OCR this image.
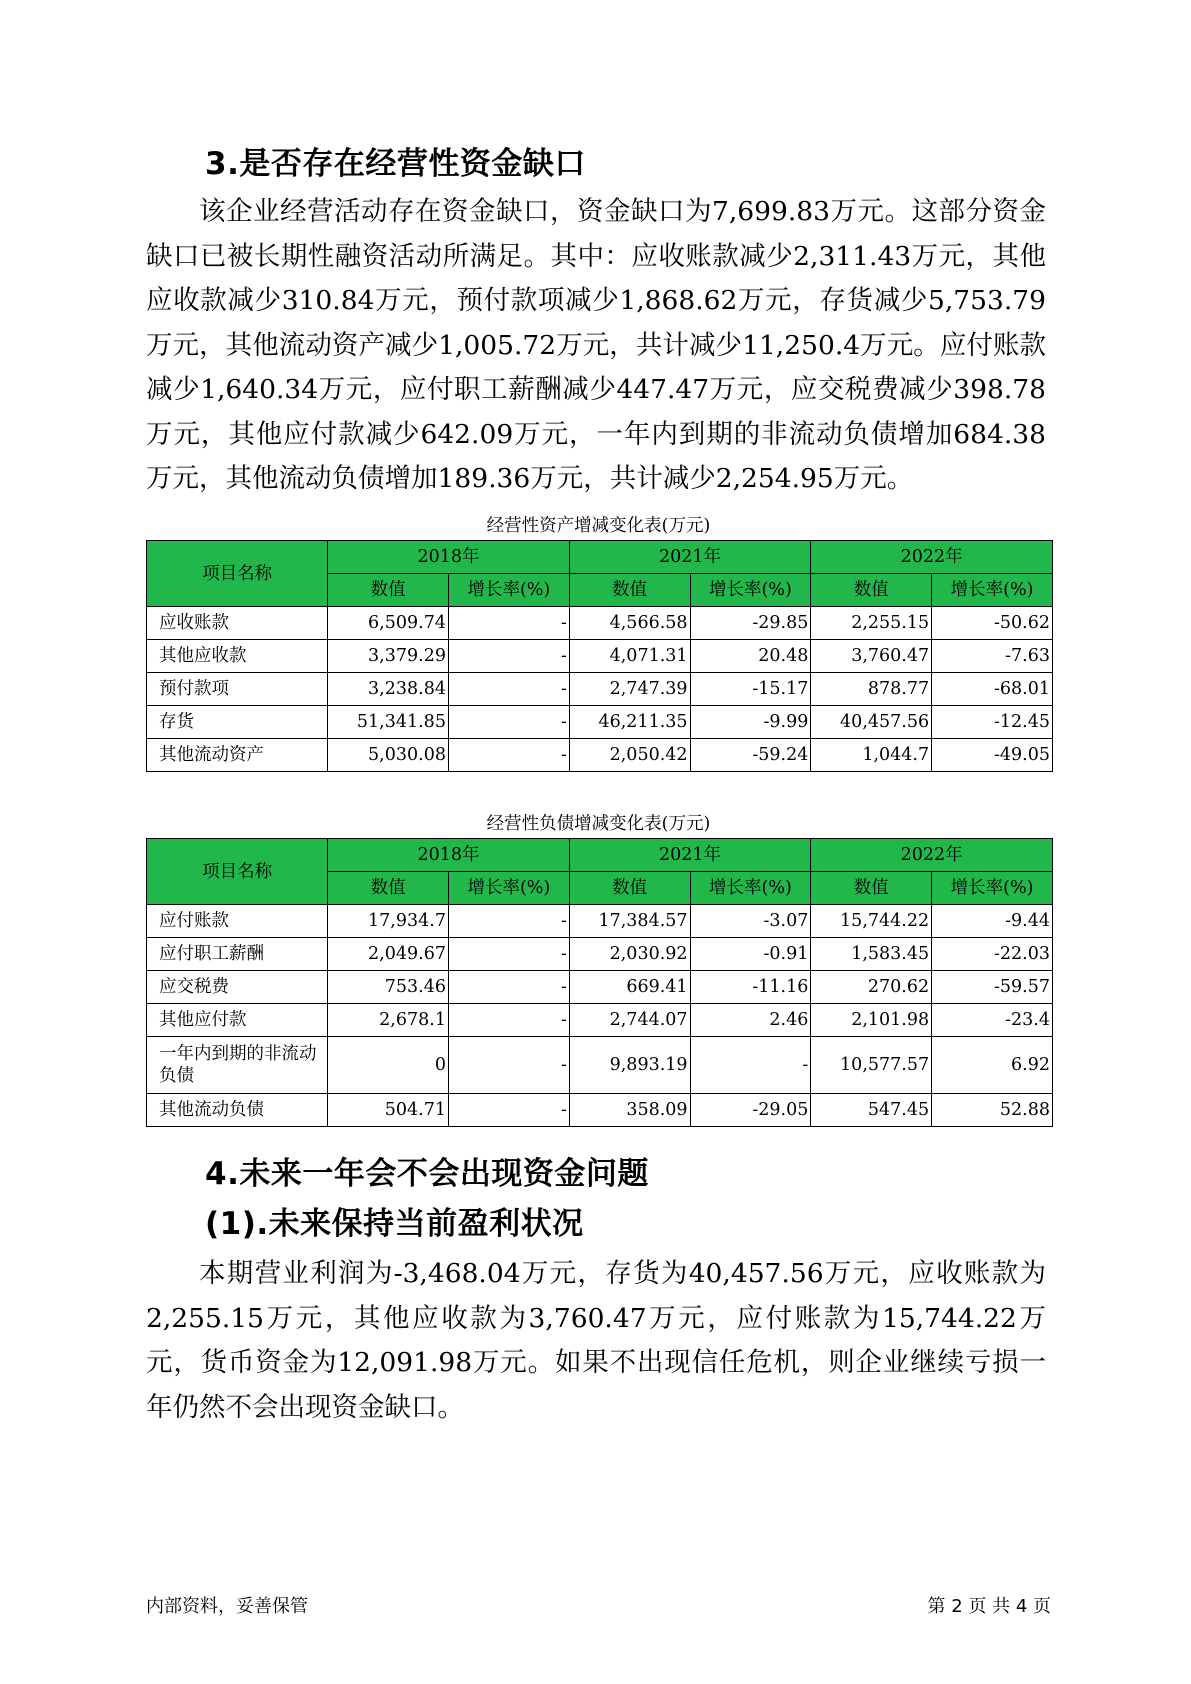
3.是否存在经营性资金缺口

该企业经营活动存在资金缺口，资金缺口为7,699.83万元。这部分资金缺口已被长期性融资活动所满足。其中：应收账款减少2,311.43万元，其他应收款减少310.84万元，预付款项减少1,868.62万元，存货减少5,753.79万元，其他流动资产减少1,005.72万元，共计减少11,250.4万元。应付账款减少1,640.34万元，应付职工薪酬减少447.47万元，应交税费减少398.78万元，其他应付款减少642.09万元，一年内到期的非流动负债增加684.38万元，其他流动负债增加189.36万元，共计减少2,254.95万元。

经营性资产增减变化表(万元)

项目名称	2018年		2021年		2022年	
	数值	增长率(%)	数值	增长率(%)	数值	增长率(%)
应收账款	6,509.74	-	4,566.58	-29.85	2,255.15	-50.62
其他应收款	3,379.29	-	4,071.31	20.48	3,760.47	-7.63
预付款项	3,238.84	-	2,747.39	-15.17	878.77	-68.01
存货	51,341.85	-	46,211.35	-9.99	40,457.56	-12.45
其他流动资产	5,030.08	-	2,050.42	-59.24	1,044.7	-49.05

经营性负债增减变化表(万元)

项目名称	2018年		2021年		2022年	
	数值	增长率(%)	数值	增长率(%)	数值	增长率(%)
应付账款	17,934.7	-	17,384.57	-3.07	15,744.22	-9.44
应付职工薪酬	2,049.67	-	2,030.92	-0.91	1,583.45	-22.03
应交税费	753.46	-	669.41	-11.16	270.62	-59.57
其他应付款	2,678.1	-	2,744.07	2.46	2,101.98	-23.4
一年内到期的非流动负债	0	-	9,893.19	-	10,577.57	6.92
其他流动负债	504.71	-	358.09	-29.05	547.45	52.88
4.未来一年会不会出现资金问题
(1).未来保持当前盈利状况

本期营业利润为-3,468.04万元，存货为40,457.56万元，应收账款为2,255.15万元，其他应收款为3,760.47万元，应付账款为15,744.22万元，货币资金为12,091.98万元。如果不出现信任危机，则企业继续亏损一年仍然不会出现资金缺口。

内部资料，妥善保管	第 2 页 共 4 页
